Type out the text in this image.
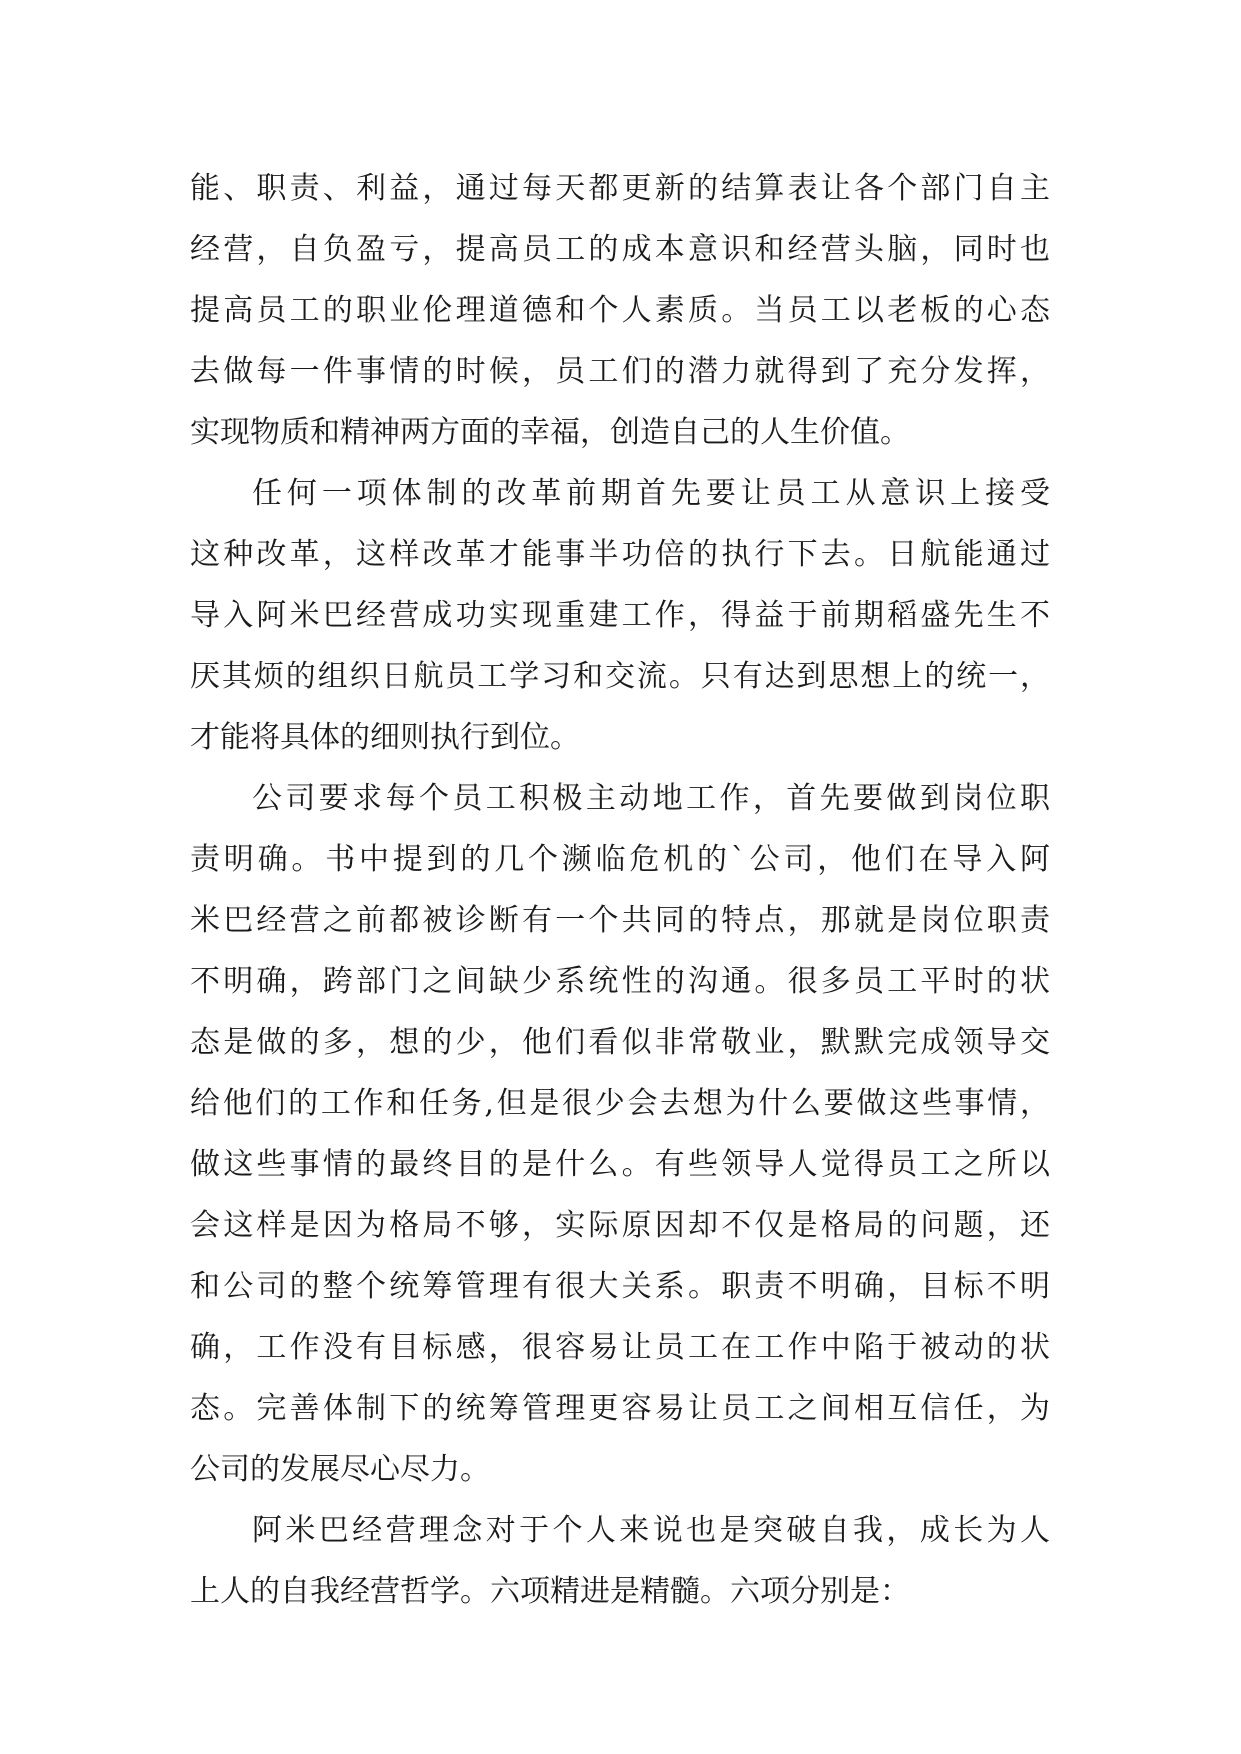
能、职责、利益，通过每天都更新的结算表让各个部门自主
经营，自负盈亏，提高员工的成本意识和经营头脑，同时也
提高员工的职业伦理道德和个人素质。当员工以老板的心态
去做每一件事情的时候，员工们的潜力就得到了充分发挥，
实现物质和精神两方面的幸福，创造自己的人生价值。
任何一项体制的改革前期首先要让员工从意识上接受
这种改革，这样改革才能事半功倍的执行下去。日航能通过
导入阿米巴经营成功实现重建工作，得益于前期稻盛先生不
厌其烦的组织日航员工学习和交流。只有达到思想上的统一，
才能将具体的细则执行到位。
公司要求每个员工积极主动地工作，首先要做到岗位职
责明确。书中提到的几个濒临危机的`公司，他们在导入阿
米巴经营之前都被诊断有一个共同的特点，那就是岗位职责
不明确，跨部门之间缺少系统性的沟通。很多员工平时的状
态是做的多，想的少，他们看似非常敬业，默默完成领导交
给他们的工作和任务,但是很少会去想为什么要做这些事情，
做这些事情的最终目的是什么。有些领导人觉得员工之所以
会这样是因为格局不够，实际原因却不仅是格局的问题，还
和公司的整个统筹管理有很大关系。职责不明确，目标不明
确，工作没有目标感，很容易让员工在工作中陷于被动的状
态。完善体制下的统筹管理更容易让员工之间相互信任，为
公司的发展尽心尽力。
阿米巴经营理念对于个人来说也是突破自我，成长为人
上人的自我经营哲学。六项精进是精髓。六项分别是：
